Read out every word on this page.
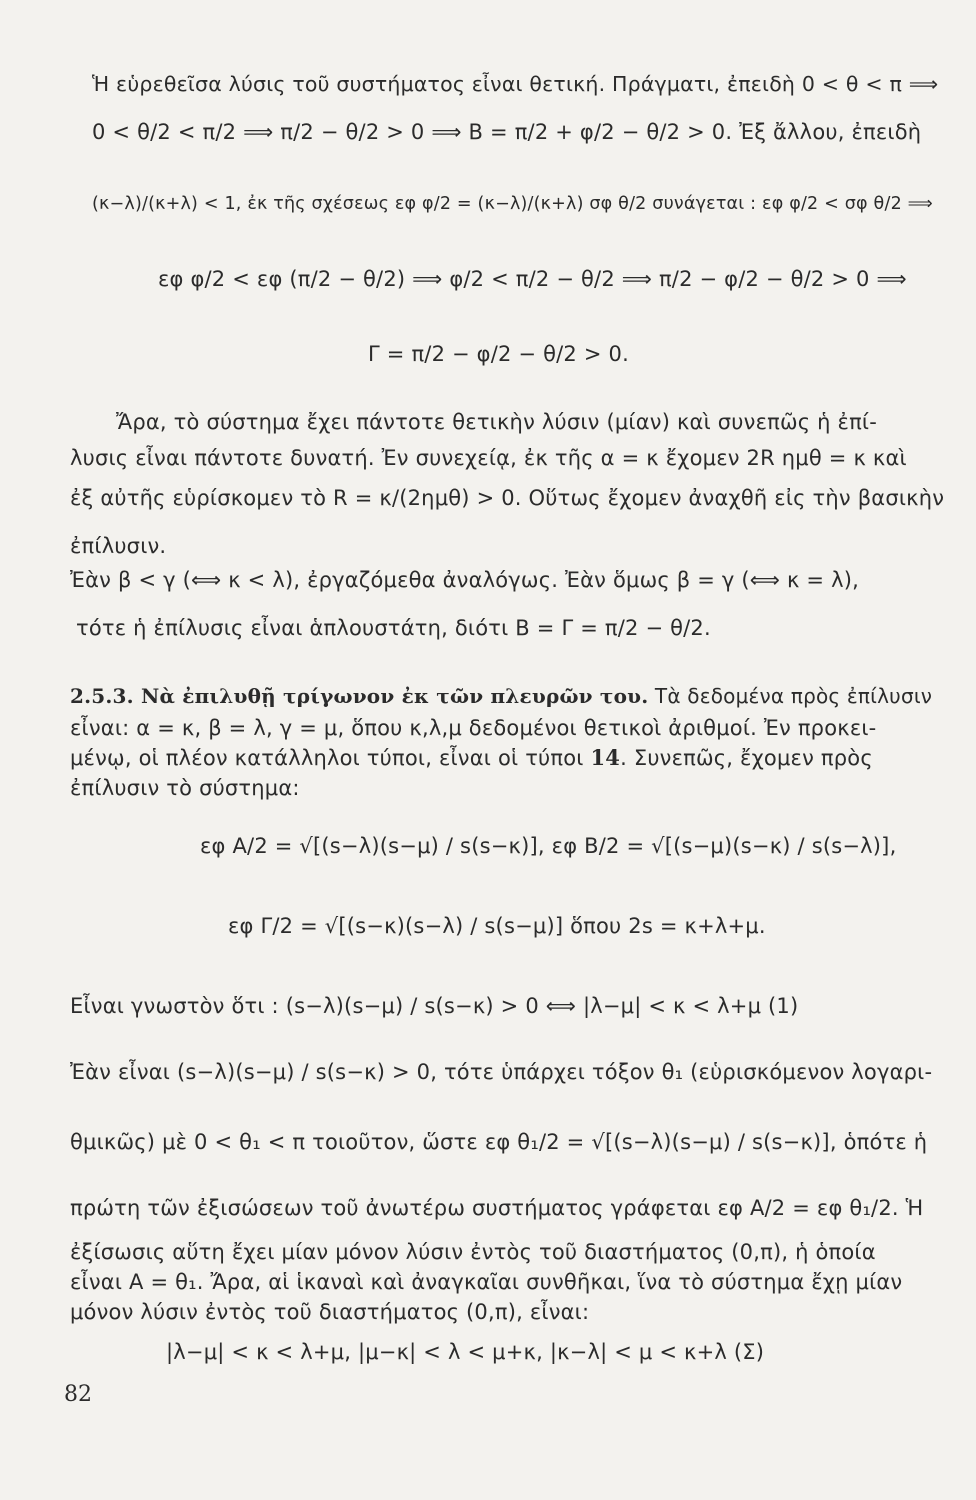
Ἡ εὑρεθεῖσα λύσις τοῦ συστήματος εἶναι θετική. Πράγματι, ἐπειδὴ 0 < θ < π ⟹
0 < θ/2 < π/2 ⟹ π/2 − θ/2 > 0 ⟹ Β = π/2 + φ/2 − θ/2 > 0. Ἐξ ἄλλου, ἐπειδὴ
(κ−λ)/(κ+λ) < 1, ἐκ τῆς σχέσεως εφ φ/2 = (κ−λ)/(κ+λ) σφ θ/2 συνάγεται : εφ φ/2 < σφ θ/2 ⟹
εφ φ/2 < εφ (π/2 − θ/2) ⟹ φ/2 < π/2 − θ/2 ⟹ π/2 − φ/2 − θ/2 > 0 ⟹
Γ = π/2 − φ/2 − θ/2 > 0.
Ἄρα, τὸ σύστημα ἔχει πάντοτε θετικὴν λύσιν (μίαν) καὶ συνεπῶς ἡ ἐπί-
λυσις εἶναι πάντοτε δυνατή. Ἐν συνεχείᾳ, ἐκ τῆς α = κ ἔχομεν 2R ημθ = κ καὶ
ἐξ αὐτῆς εὑρίσκομεν τὸ R = κ/(2ημθ) > 0. Οὕτως ἔχομεν ἀναχθῆ εἰς τὴν βασικὴν
ἐπίλυσιν.
Ἐὰν β < γ (⟺ κ < λ), ἐργαζόμεθα ἀναλόγως. Ἐὰν ὅμως β = γ (⟺ κ = λ),
τότε ἡ ἐπίλυσις εἶναι ἁπλουστάτη, διότι Β = Γ = π/2 − θ/2.
2.5.3. Νὰ ἐπιλυθῇ τρίγωνον ἐκ τῶν πλευρῶν του. Τὰ δεδομένα πρὸς ἐπίλυσιν
εἶναι: α = κ, β = λ, γ = μ, ὅπου κ,λ,μ δεδομένοι θετικοὶ ἀριθμοί. Ἐν προκει-
μένῳ, οἱ πλέον κατάλληλοι τύποι, εἶναι οἱ τύποι 14. Συνεπῶς, ἔχομεν πρὸς
ἐπίλυσιν τὸ σύστημα:
εφ A/2 = √[(s−λ)(s−μ) / s(s−κ)], εφ B/2 = √[(s−μ)(s−κ) / s(s−λ)],
εφ Γ/2 = √[(s−κ)(s−λ) / s(s−μ)] ὅπου 2s = κ+λ+μ.
Εἶναι γνωστὸν ὅτι : (s−λ)(s−μ) / s(s−κ) > 0 ⟺ |λ−μ| < κ < λ+μ (1)
Ἐὰν εἶναι (s−λ)(s−μ) / s(s−κ) > 0, τότε ὑπάρχει τόξον θ₁ (εὑρισκόμενον λογαρι-
θμικῶς) μὲ 0 < θ₁ < π τοιοῦτον, ὥστε εφ θ₁/2 = √[(s−λ)(s−μ) / s(s−κ)], ὁπότε ἡ
πρώτη τῶν ἐξισώσεων τοῦ ἀνωτέρω συστήματος γράφεται εφ A/2 = εφ θ₁/2. Ἡ
ἐξίσωσις αὕτη ἔχει μίαν μόνον λύσιν ἐντὸς τοῦ διαστήματος (0,π), ἡ ὁποία
εἶναι A = θ₁. Ἄρα, αἱ ἱκαναὶ καὶ ἀναγκαῖαι συνθῆκαι, ἵνα τὸ σύστημα ἔχῃ μίαν
μόνον λύσιν ἐντὸς τοῦ διαστήματος (0,π), εἶναι:
|λ−μ| < κ < λ+μ, |μ−κ| < λ < μ+κ, |κ−λ| < μ < κ+λ (Σ)
82
